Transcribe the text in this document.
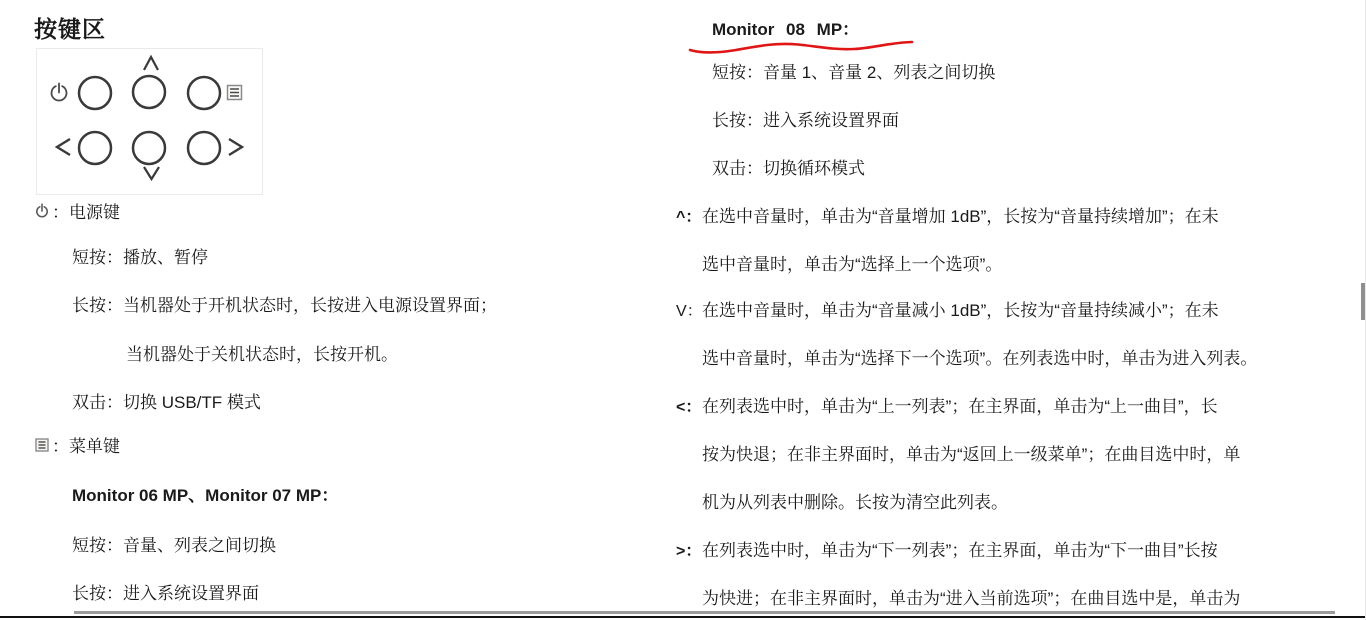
按键区
：电源键
短按：播放、暂停
长按：当机器处于开机状态时，长按进入电源设置界面；
当机器处于关机状态时，长按开机。
双击：切换 USB/TF 模式
：菜单键
Monitor 06 MP、Monitor 07 MP：
短按：音量、列表之间切换
长按：进入系统设置界面
Monitor 08 MP：
短按：音量 1、音量 2、列表之间切换
长按：进入系统设置界面
双击：切换循环模式
^：在选中音量时，单击为“音量增加 1dB”，长按为“音量持续增加”；在未
选中音量时，单击为“选择上一个选项”。
V：在选中音量时，单击为“音量减小 1dB”，长按为“音量持续减小”；在未
选中音量时，单击为“选择下一个选项”。在列表选中时，单击为进入列表。
<：在列表选中时，单击为“上一列表”；在主界面，单击为“上一曲目”，长
按为快退；在非主界面时，单击为“返回上一级菜单”；在曲目选中时，单
机为从列表中删除。长按为清空此列表。
>：在列表选中时，单击为“下一列表”；在主界面，单击为“下一曲目”长按
为快进；在非主界面时，单击为“进入当前选项”；在曲目选中是，单击为
